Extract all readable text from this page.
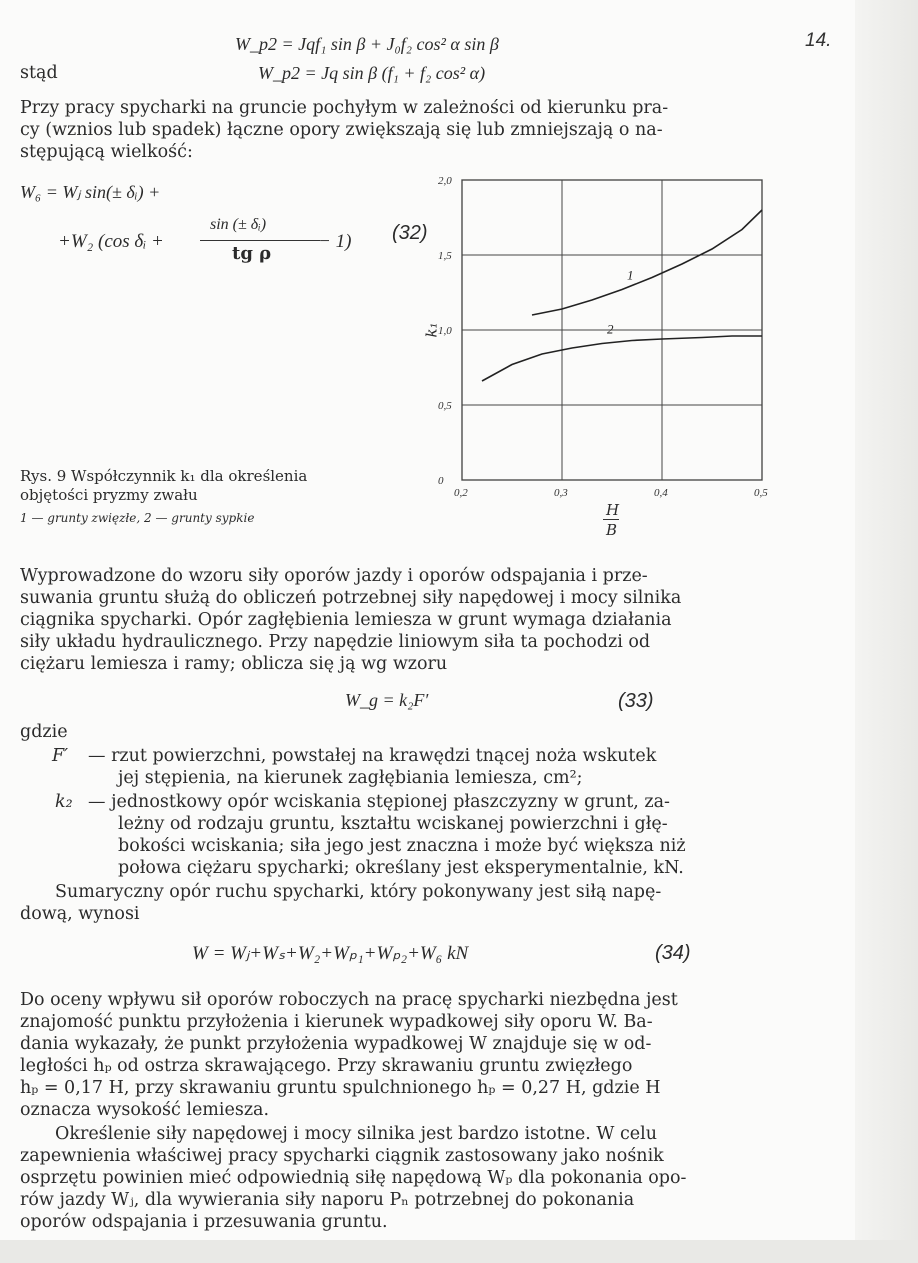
14.
W_p2 = Jqf₁ sin β + J₀f₂ cos² α sin β
stąd	W_p2 = Jq sin β (f₁ + f₂ cos² α)
Przy pracy spycharki na gruncie pochyłym w zależności od kierunku pra-
cy (wznios lub spadek) łączne opory zwiększają się lub zmniejszają o na-
stępującą wielkość:
W₆ = Wⱼ sin(± δᵢ) +
+W₂ (cos δᵢ +
sin (± δᵢ)
tg ρ
− 1) (32)
1
2
0,2	0,3	0,4	0,5
0
0,5
1,0
1,5
2,0
k₁
H
B
Rys. 9 Współczynnik k₁ dla określenia
objętości pryzmy zwału
1 — grunty zwięzłe, 2 — grunty sypkie
Wyprowadzone do wzoru siły oporów jazdy i oporów odspajania i prze-
suwania gruntu służą do obliczeń potrzebnej siły napędowej i mocy silnika
ciągnika spycharki. Opór zagłębienia lemiesza w grunt wymaga działania
siły układu hydraulicznego. Przy napędzie liniowym siła ta pochodzi od
ciężaru lemiesza i ramy; oblicza się ją wg wzoru
W_g = k₂F′	(33)
gdzie
F′ — rzut powierzchni, powstałej na krawędzi tnącej noża wskutek
jej stępienia, na kierunek zagłębiania lemiesza, cm²;
k₂ — jednostkowy opór wciskania stępionej płaszczyzny w grunt, za-
leżny od rodzaju gruntu, kształtu wciskanej powierzchni i głę-
bokości wciskania; siła jego jest znaczna i może być większa niż
połowa ciężaru spycharki; określany jest eksperymentalnie, kN.
Sumaryczny opór ruchu spycharki, który pokonywany jest siłą napę-
dową, wynosi
W = Wⱼ+Wₛ+W₂+Wₚ₁+Wₚ₂+W₆ kN	(34)
Do oceny wpływu sił oporów roboczych na pracę spycharki niezbędna jest
znajomość punktu przyłożenia i kierunek wypadkowej siły oporu W. Ba-
dania wykazały, że punkt przyłożenia wypadkowej W znajduje się w od-
ległości hₚ od ostrza skrawającego. Przy skrawaniu gruntu zwięzłego
hₚ = 0,17 H, przy skrawaniu gruntu spulchnionego hₚ = 0,27 H, gdzie H
oznacza wysokość lemiesza.
Określenie siły napędowej i mocy silnika jest bardzo istotne. W celu
zapewnienia właściwej pracy spycharki ciągnik zastosowany jako nośnik
osprzętu powinien mieć odpowiednią siłę napędową Wₚ dla pokonania opo-
rów jazdy Wⱼ, dla wywierania siły naporu Pₙ potrzebnej do pokonania
oporów odspajania i przesuwania gruntu.
